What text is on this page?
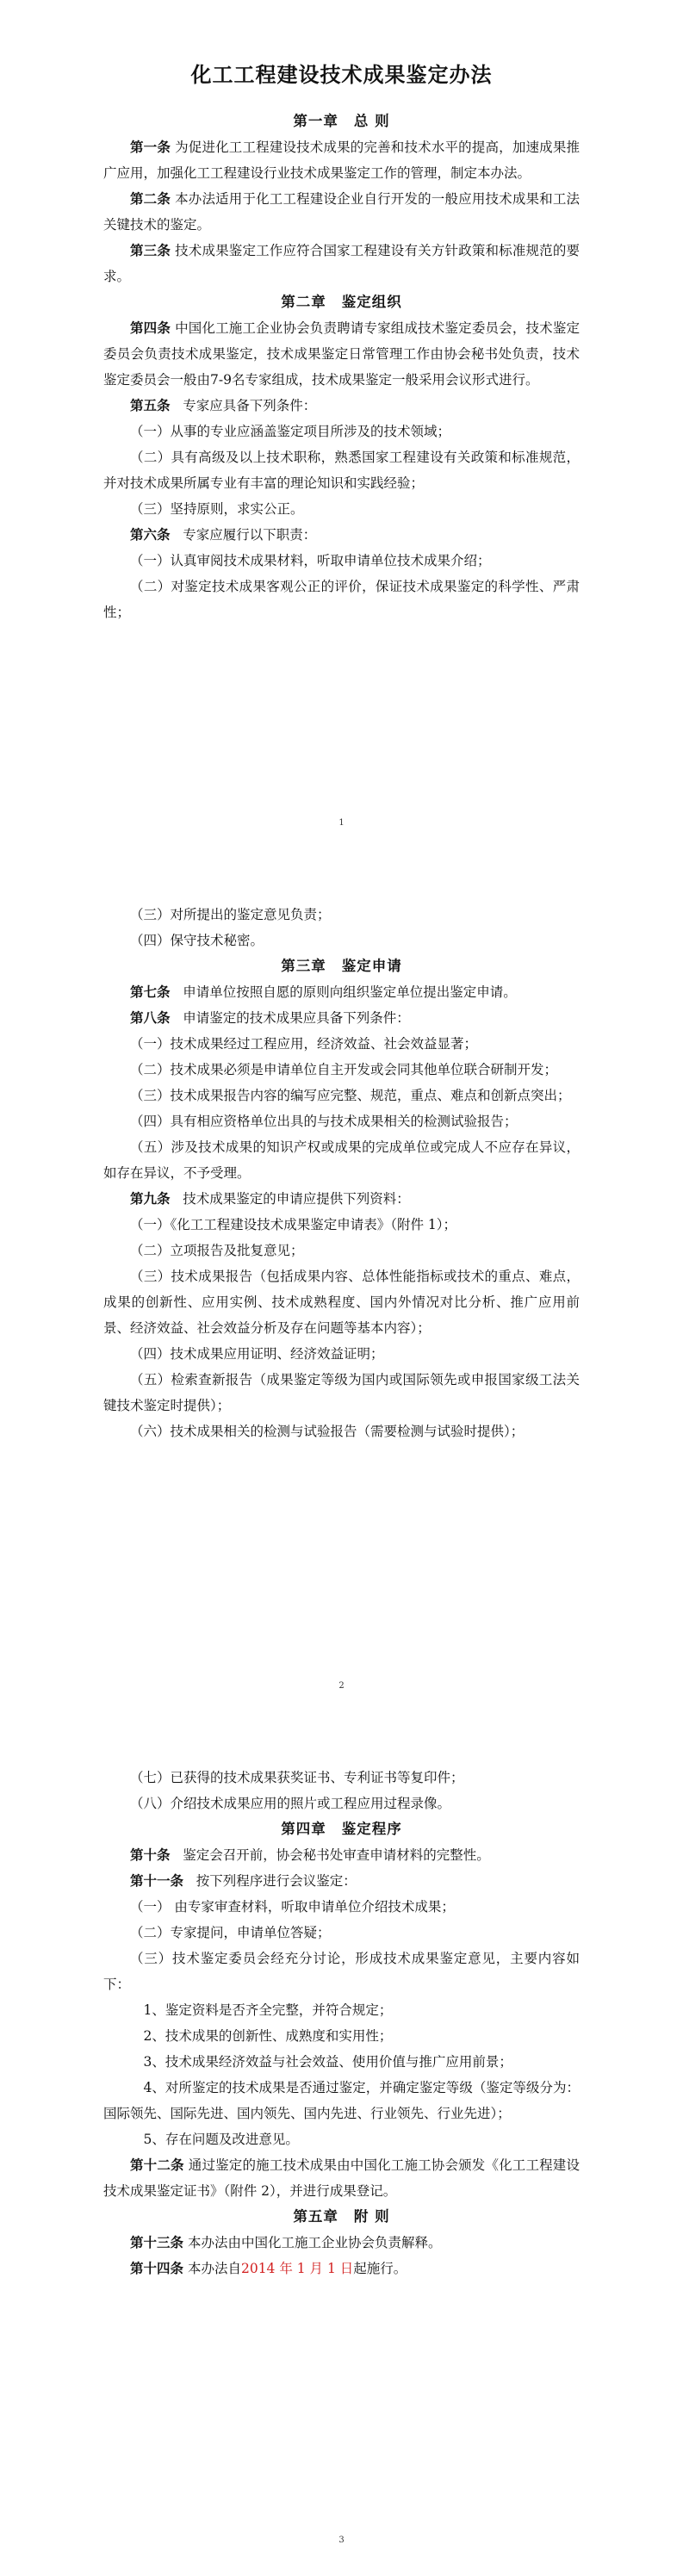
化工工程建设技术成果鉴定办法
第一章 总 则

第一条 为促进化工工程建设技术成果的完善和技术水平的提高，加速成果推广应用，加强化工工程建设行业技术成果鉴定工作的管理，制定本办法。

第二条 本办法适用于化工工程建设企业自行开发的一般应用技术成果和工法关键技术的鉴定。

第三条 技术成果鉴定工作应符合国家工程建设有关方针政策和标准规范的要求。

第二章 鉴定组织

第四条 中国化工施工企业协会负责聘请专家组成技术鉴定委员会，技术鉴定委员会负责技术成果鉴定，技术成果鉴定日常管理工作由协会秘书处负责，技术鉴定委员会一般由7-9名专家组成，技术成果鉴定一般采用会议形式进行。

第五条 专家应具备下列条件：

（一）从事的专业应涵盖鉴定项目所涉及的技术领域；

（二）具有高级及以上技术职称，熟悉国家工程建设有关政策和标准规范，并对技术成果所属专业有丰富的理论知识和实践经验；

（三）坚持原则，求实公正。

第六条 专家应履行以下职责：

（一）认真审阅技术成果材料，听取申请单位技术成果介绍；

（二）对鉴定技术成果客观公正的评价，保证技术成果鉴定的科学性、严肃性；

1

（三）对所提出的鉴定意见负责；

（四）保守技术秘密。

第三章 鉴定申请

第七条 申请单位按照自愿的原则向组织鉴定单位提出鉴定申请。

第八条 申请鉴定的技术成果应具备下列条件：

（一）技术成果经过工程应用，经济效益、社会效益显著；

（二）技术成果必须是申请单位自主开发或会同其他单位联合研制开发；

（三）技术成果报告内容的编写应完整、规范，重点、难点和创新点突出；

（四）具有相应资格单位出具的与技术成果相关的检测试验报告；

（五）涉及技术成果的知识产权或成果的完成单位或完成人不应存在异议，如存在异议，不予受理。

第九条 技术成果鉴定的申请应提供下列资料：

（一）《化工工程建设技术成果鉴定申请表》（附件 1）；

（二）立项报告及批复意见；

（三）技术成果报告（包括成果内容、总体性能指标或技术的重点、难点，成果的创新性、应用实例、技术成熟程度、国内外情况对比分析、推广应用前景、经济效益、社会效益分析及存在问题等基本内容）；

（四）技术成果应用证明、经济效益证明；

（五）检索查新报告（成果鉴定等级为国内或国际领先或申报国家级工法关键技术鉴定时提供）；

（六）技术成果相关的检测与试验报告（需要检测与试验时提供）；

2

（七）已获得的技术成果获奖证书、专利证书等复印件；

（八）介绍技术成果应用的照片或工程应用过程录像。

第四章 鉴定程序

第十条 鉴定会召开前，协会秘书处审查申请材料的完整性。

第十一条 按下列程序进行会议鉴定：

（一） 由专家审查材料，听取申请单位介绍技术成果；

（二）专家提问，申请单位答疑；

（三）技术鉴定委员会经充分讨论，形成技术成果鉴定意见，主要内容如下：

1、鉴定资料是否齐全完整，并符合规定；

2、技术成果的创新性、成熟度和实用性；

3、技术成果经济效益与社会效益、使用价值与推广应用前景；

4、对所鉴定的技术成果是否通过鉴定，并确定鉴定等级（鉴定等级分为：国际领先、国际先进、国内领先、国内先进、行业领先、行业先进）；

5、存在问题及改进意见。

第十二条 通过鉴定的施工技术成果由中国化工施工协会颁发《化工工程建设技术成果鉴定证书》（附件 2），并进行成果登记。

第五章 附 则

第十三条 本办法由中国化工施工企业协会负责解释。

第十四条 本办法自2014 年 1 月 1 日起施行。

3
